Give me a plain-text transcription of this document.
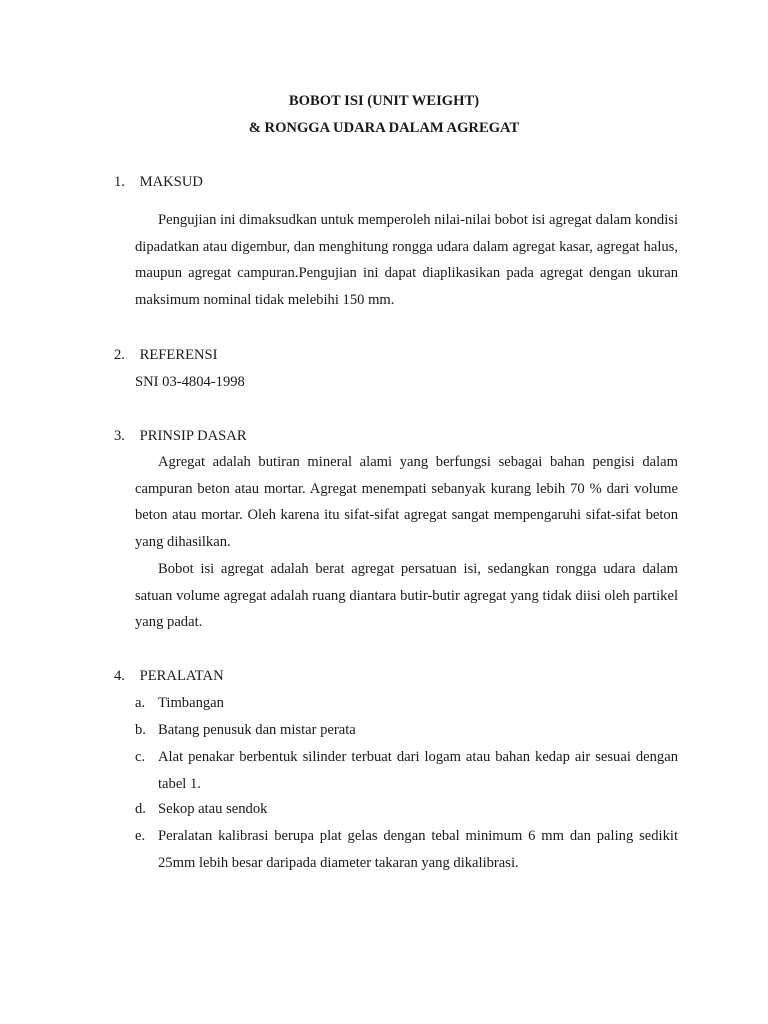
BOBOT ISI (UNIT WEIGHT)
& RONGGA UDARA DALAM AGREGAT
1. MAKSUD

Pengujian ini dimaksudkan untuk memperoleh nilai-nilai bobot isi agregat dalam kondisi dipadatkan atau digembur, dan menghitung rongga udara dalam agregat kasar, agregat halus, maupun agregat campuran.Pengujian ini dapat diaplikasikan pada agregat dengan ukuran maksimum nominal tidak melebihi 150 mm.

2. REFERENSI
SNI 03-4804-1998
3. PRINSIP DASAR

Agregat adalah butiran mineral alami yang berfungsi sebagai bahan pengisi dalam campuran beton atau mortar. Agregat menempati sebanyak kurang lebih 70 % dari volume beton atau mortar. Oleh karena itu sifat-sifat agregat sangat mempengaruhi sifat-sifat beton yang dihasilkan.

Bobot isi agregat adalah berat agregat persatuan isi, sedangkan rongga udara dalam satuan volume agregat adalah ruang diantara butir-butir agregat yang tidak diisi oleh partikel yang padat.

4. PERALATAN
a. Timbangan
b. Batang penusuk dan mistar perata
c. Alat penakar berbentuk silinder terbuat dari logam atau bahan kedap air sesuai dengan tabel 1.
d. Sekop atau sendok
e. Peralatan kalibrasi berupa plat gelas dengan tebal minimum 6 mm dan paling sedikit 25mm lebih besar daripada diameter takaran yang dikalibrasi.
